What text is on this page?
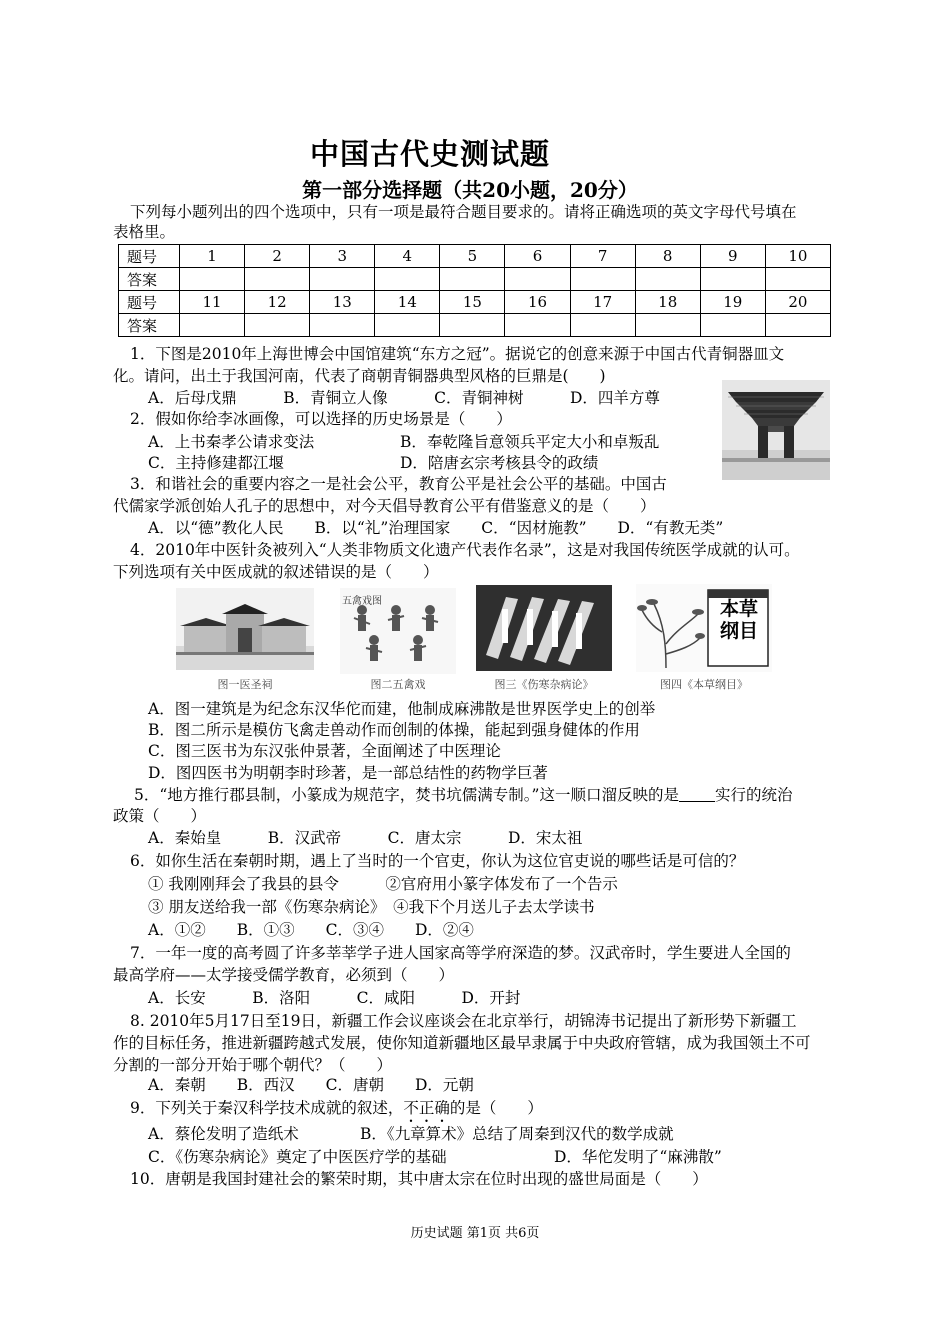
中国古代史测试题
第一部分选择题（共20小题，20分）
下列每小题列出的四个选项中，只有一项是最符合题目要求的。请将正确选项的英文字母代号填在
表格里。
题号	1	2	3	4	5	6	7	8	9	10
答案										
题号	11	12	13	14	15	16	17	18	19	20
答案										
1．下图是2010年上海世博会中国馆建筑“东方之冠”。据说它的创意来源于中国古代青铜器皿文
化。请问，出土于我国河南，代表了商朝青铜器典型风格的巨鼎是(　　)
A．后母戊鼎　　　B．青铜立人像　　　C．青铜神树　　　D．四羊方尊
2．假如你给李冰画像，可以选择的历史场景是（　　）
A．上书秦孝公请求变法	B．奉乾隆旨意领兵平定大小和卓叛乱
C．主持修建都江堰	D．陪唐玄宗考核县令的政绩
3．和谐社会的重要内容之一是社会公平，教育公平是社会公平的基础。中国古
代儒家学派创始人孔子的思想中，对今天倡导教育公平有借鉴意义的是（　　）
A．以“德”教化人民　　B．以“礼”治理国家　　C．“因材施教”　　D．“有教无类”
4．2010年中医针灸被列入“人类非物质文化遗产代表作名录”，这是对我国传统医学成就的认可。
下列选项有关中医成就的叙述错误的是（　　）
五禽戏图	本草纲目
图一医圣祠	图二五禽戏	图三《伤寒杂病论》	图四《本草纲目》
A．图一建筑是为纪念东汉华佗而建，他制成麻沸散是世界医学史上的创举
B．图二所示是模仿飞禽走兽动作而创制的体操，能起到强身健体的作用
C．图三医书为东汉张仲景著，全面阐述了中医理论
D．图四医书为明朝李时珍著，是一部总结性的药物学巨著
5．“地方推行郡县制，小篆成为规范字，焚书坑儒满专制。”这一顺口溜反映的是 实行的统治
政策（　　）
A．秦始皇　　　B．汉武帝　　　C．唐太宗　　　D．宋太祖
6．如你生活在秦朝时期，遇上了当时的一个官吏，你认为这位官吏说的哪些话是可信的？
① 我刚刚拜会了我县的县令　　　②官府用小篆字体发布了一个告示
③ 朋友送给我一部《伤寒杂病论》　④我下个月送儿子去太学读书
A．①②　　B．①③　　C．③④　　D．②④
7．一年一度的高考圆了许多莘莘学子进人国家高等学府深造的梦。汉武帝时，学生要进人全国的
最高学府——太学接受儒学教育，必须到（　　）
A．长安　　　B．洛阳　　　C．咸阳　　　D．开封
8. 2010年5月17日至19日，新疆工作会议座谈会在北京举行，胡锦涛书记提出了新形势下新疆工
作的目标任务，推进新疆跨越式发展，使你知道新疆地区最早隶属于中央政府管辖，成为我国领土不可
分割的一部分开始于哪个朝代？（　　）
A．秦朝　　B．西汉　　C．唐朝　　D．元朝
9．下列关于秦汉科学技术成就的叙述，不正确的是（　　）
A．蔡伦发明了造纸术	B．《九章算术》总结了周秦到汉代的数学成就
C．《伤寒杂病论》奠定了中医医疗学的基础	D．华佗发明了“麻沸散”
10．唐朝是我国封建社会的繁荣时期，其中唐太宗在位时出现的盛世局面是（　　）
历史试题 第1页 共6页
